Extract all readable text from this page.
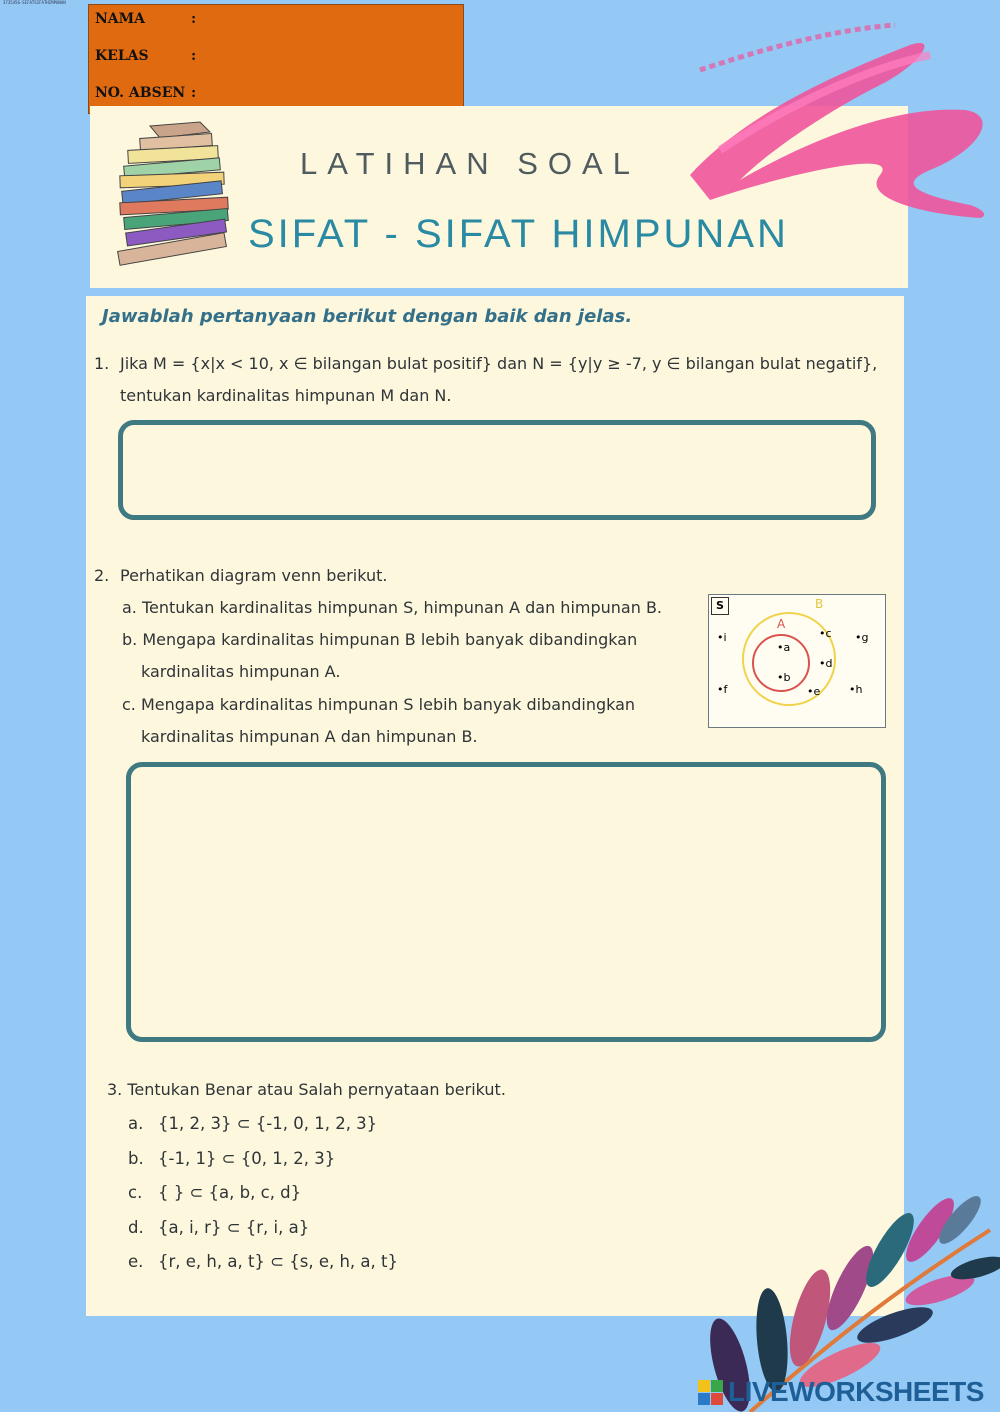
3735456-SIFATSIFATHIMPUNAN
NAMA	:
KELAS	:
NO. ABSEN :
LATIHAN SOAL
SIFAT - SIFAT HIMPUNAN
Jawablah pertanyaan berikut dengan baik dan jelas.
1. Jika M = {x|x < 10, x ∈ bilangan bulat positif} dan N = {y|y ≥ -7, y ∈ bilangan bulat negatif},
tentukan kardinalitas himpunan M dan N.
2. Perhatikan diagram venn berikut.
a. Tentukan kardinalitas himpunan S, himpunan A dan himpunan B.
b. Mengapa kardinalitas himpunan B lebih banyak dibandingkan
kardinalitas himpunan A.
c. Mengapa kardinalitas himpunan S lebih banyak dibandingkan
kardinalitas himpunan A dan himpunan B.
S
A
B
•a
•b
•c
•d
•e
•f
•g
•h
•i
3. Tentukan Benar atau Salah pernyataan berikut.
a. {1, 2, 3} ⊂ {-1, 0, 1, 2, 3}
b. {-1, 1} ⊂ {0, 1, 2, 3}
c. { } ⊂ {a, b, c, d}
d. {a, i, r} ⊂ {r, i, a}
e. {r, e, h, a, t} ⊂ {s, e, h, a, t}
LIVEWORKSHEETS
